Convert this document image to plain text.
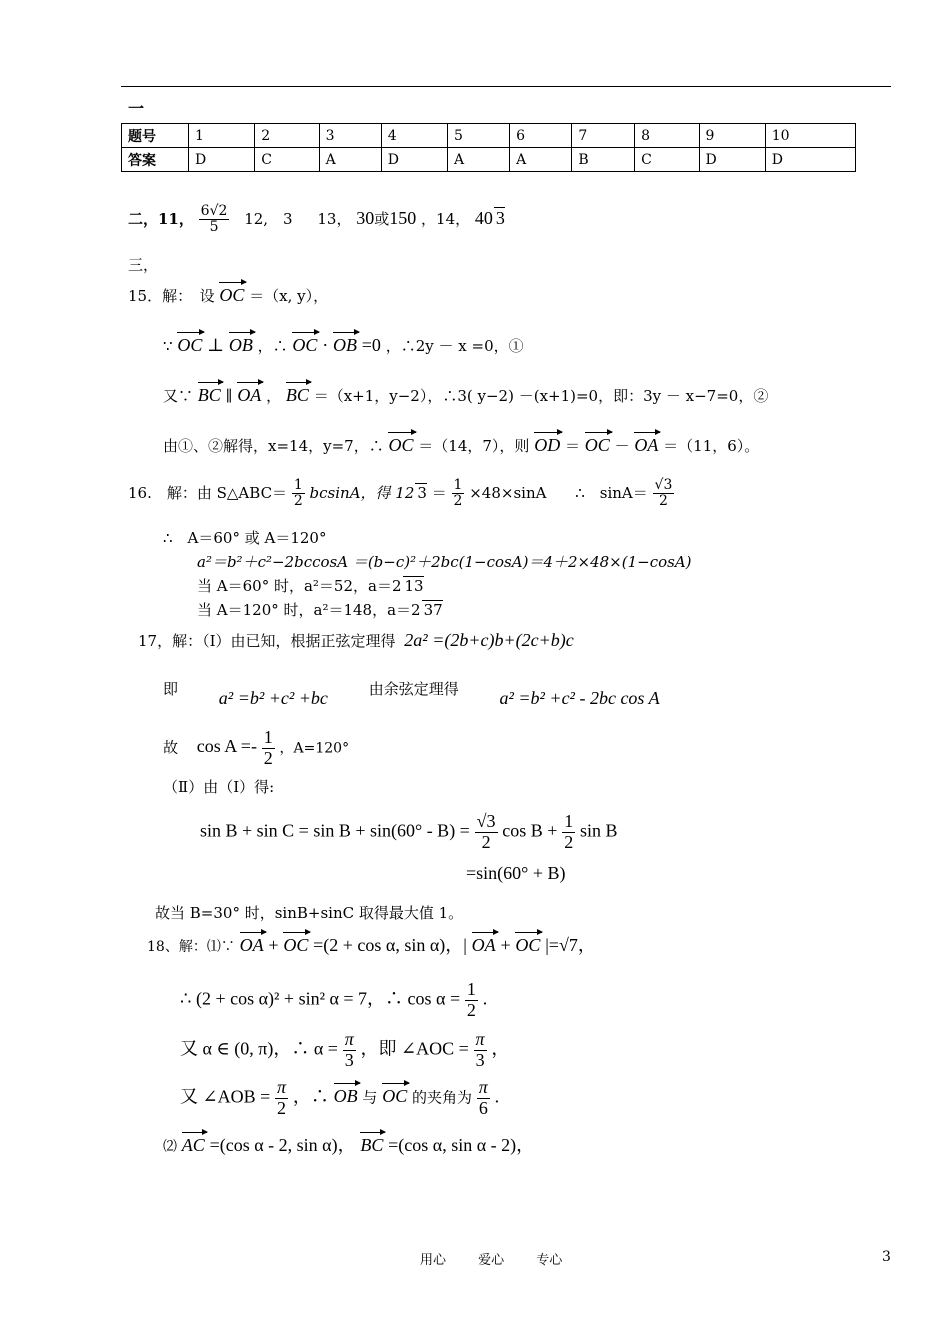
一
题号	1	2	3	4	5	6	7	8	9	10
答案	D	C	A	D	A	A	B	C	D	D
二，11， $\frac{6√2}{5} 12$,　3 13， 30或150 ，14， 40 3
三，
15．解：　设 OC ＝（x, y），
∵ OC ⊥ OB ，∴ OC · OB =0 ，∴2y － x =0，①
又∵ BC ∥ OA ， BC ＝（x+1，y−2），∴3( y−2) －(x+1)=0，即：3y － x−7=0，②
由①、②解得，x=14，y=7，∴ OC ＝（14，7），则 OD ＝ OC － OA ＝（11，6）。
16.　解：由 S△ABC＝ $\frac{1}{2}$ bcsinA，得 12 $3 = \frac{1}{2} \times 48\times\sin A$ ∴　$\sin A= \frac{√3}{2}$
∴　A＝60° 或 A＝120°
a²＝b²＋c²−2bccosA ＝(b−c)²＋2bc(1−cosA)＝4＋2×48×(1−cosA)
当 A＝60° 时，a²＝52，a＝2 13
当 A＝120° 时，a²＝148，a＝2 37
17，解：（Ⅰ）由已知，根据正弦定理得 2a² =(2b+c)b+(2c+b)c
即 a² =b² +c² +bc	由余弦定理得 a² =b² +c² - 2bc cos A
故 $\cos A =- \frac{1}{2}$ ，A=120°
（Ⅱ）由（Ⅰ）得:
$\sin B + \sin C = \sin B + \sin(60^\circ - B) = \frac{√3}{2}$ $\cos B + \frac{1}{2}$ sin B
=sin(60° + B)
故当 B=30° 时，sinB+sinC 取得最大值 1。
18、解：⑴∵ OA + OC =(2 + cos α, sin α)，| OA + OC |=√7，
∴ (2 + cos α)² + sin² α = 7，∴ $\cos \alpha = \frac{1}{2}$ .
又 α ∈ (0, π)，∴ $\alpha = \frac{\pi}{3}$ ，即 ∠AOC = $\frac{\pi}{3}$ ，
又 ∠AOB = $\frac{\pi}{2}$ ，∴ OB 与 OC 的夹角为 $\frac{\pi}{6}$ .
⑵ AC =(cos α - 2, sin α)， BC =(cos α, sin α - 2)，
用心 爱心 专心	3
